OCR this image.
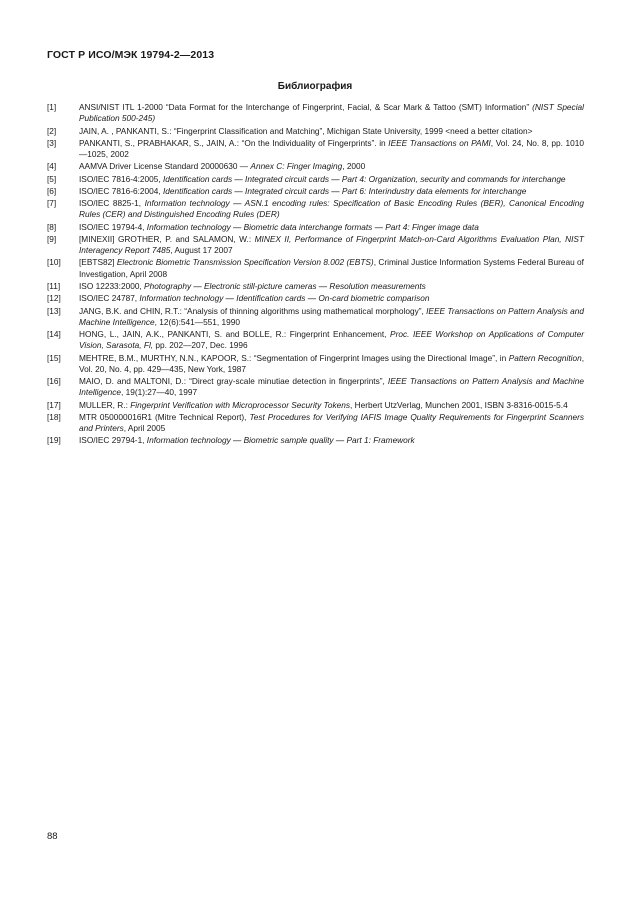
ГОСТ Р ИСО/МЭК 19794-2—2013
Библиография
[1]	ANSI/NIST ITL 1-2000 “Data Format for the Interchange of Fingerprint, Facial, & Scar Mark & Tattoo (SMT) Information” (NIST Special Publication 500-245)
[2]	JAIN, A. , PANKANTI, S.: “Fingerprint Classification and Matching”, Michigan State University, 1999 <need a better citation>
[3]	PANKANTI, S., PRABHAKAR, S., JAIN, A.: “On the Individuality of Fingerprints”. in IEEE Transactions on PAMI, Vol. 24, No. 8, pp. 1010—1025, 2002
[4]	AAMVA Driver License Standard 20000630 — Annex C: Finger Imaging, 2000
[5]	ISO/IEC 7816-4:2005, Identification cards — Integrated circuit cards — Part 4: Organization, security and commands for interchange
[6]	ISO/IEC 7816-6:2004, Identification cards — Integrated circuit cards — Part 6: Interindustry data elements for interchange
[7]	ISO/IEC 8825-1, Information technology — ASN.1 encoding rules: Specification of Basic Encoding Rules (BER), Canonical Encoding Rules (CER) and Distinguished Encoding Rules (DER)
[8]	ISO/IEC 19794-4, Information technology — Biometric data interchange formats — Part 4: Finger image data
[9]	[MINEXII] GROTHER, P. and SALAMON, W.: MINEX II, Performance of Fingerprint Match-on-Card Algorithms Evaluation Plan, NIST Interagency Report 7485, August 17 2007
[10]	[EBTS82] Electronic Biometric Transmission Specification Version 8.002 (EBTS), Criminal Justice Information Systems Federal Bureau of Investigation, April 2008
[11]	ISO 12233:2000, Photography — Electronic still-picture cameras — Resolution measurements
[12]	ISO/IEC 24787, Information technology — Identification cards — On-card biometric comparison
[13]	JANG, B.K. and CHIN, R.T.: “Analysis of thinning algorithms using mathematical morphology”, IEEE Transactions on Pattern Analysis and Machine Intelligence, 12(6):541—551, 1990
[14]	HONG, L., JAIN, A.K., PANKANTI, S. and BOLLE, R.: Fingerprint Enhancement, Proc. IEEE Workshop on Applications of Computer Vision, Sarasota, Fl, pp. 202—207, Dec. 1996
[15]	MEHTRE, B.M., MURTHY, N.N., KAPOOR, S.: “Segmentation of Fingerprint Images using the Directional Image”, in Pattern Recognition, Vol. 20, No. 4, pp. 429—435, New York, 1987
[16]	MAIO, D. and MALTONI, D.: “Direct gray-scale minutiae detection in fingerprints”, IEEE Transactions on Pattern Analysis and Machine Intelligence, 19(1):27—40, 1997
[17]	MULLER, R.: Fingerprint Verification with Microprocessor Security Tokens, Herbert UtzVerlag, Munchen 2001, ISBN 3-8316-0015-5.4
[18]	MTR 050000016R1 (Mitre Technical Report), Test Procedures for Verifying IAFIS Image Quality Requirements for Fingerprint Scanners and Printers, April 2005
[19]	ISO/IEC 29794-1, Information technology — Biometric sample quality — Part 1: Framework
88
